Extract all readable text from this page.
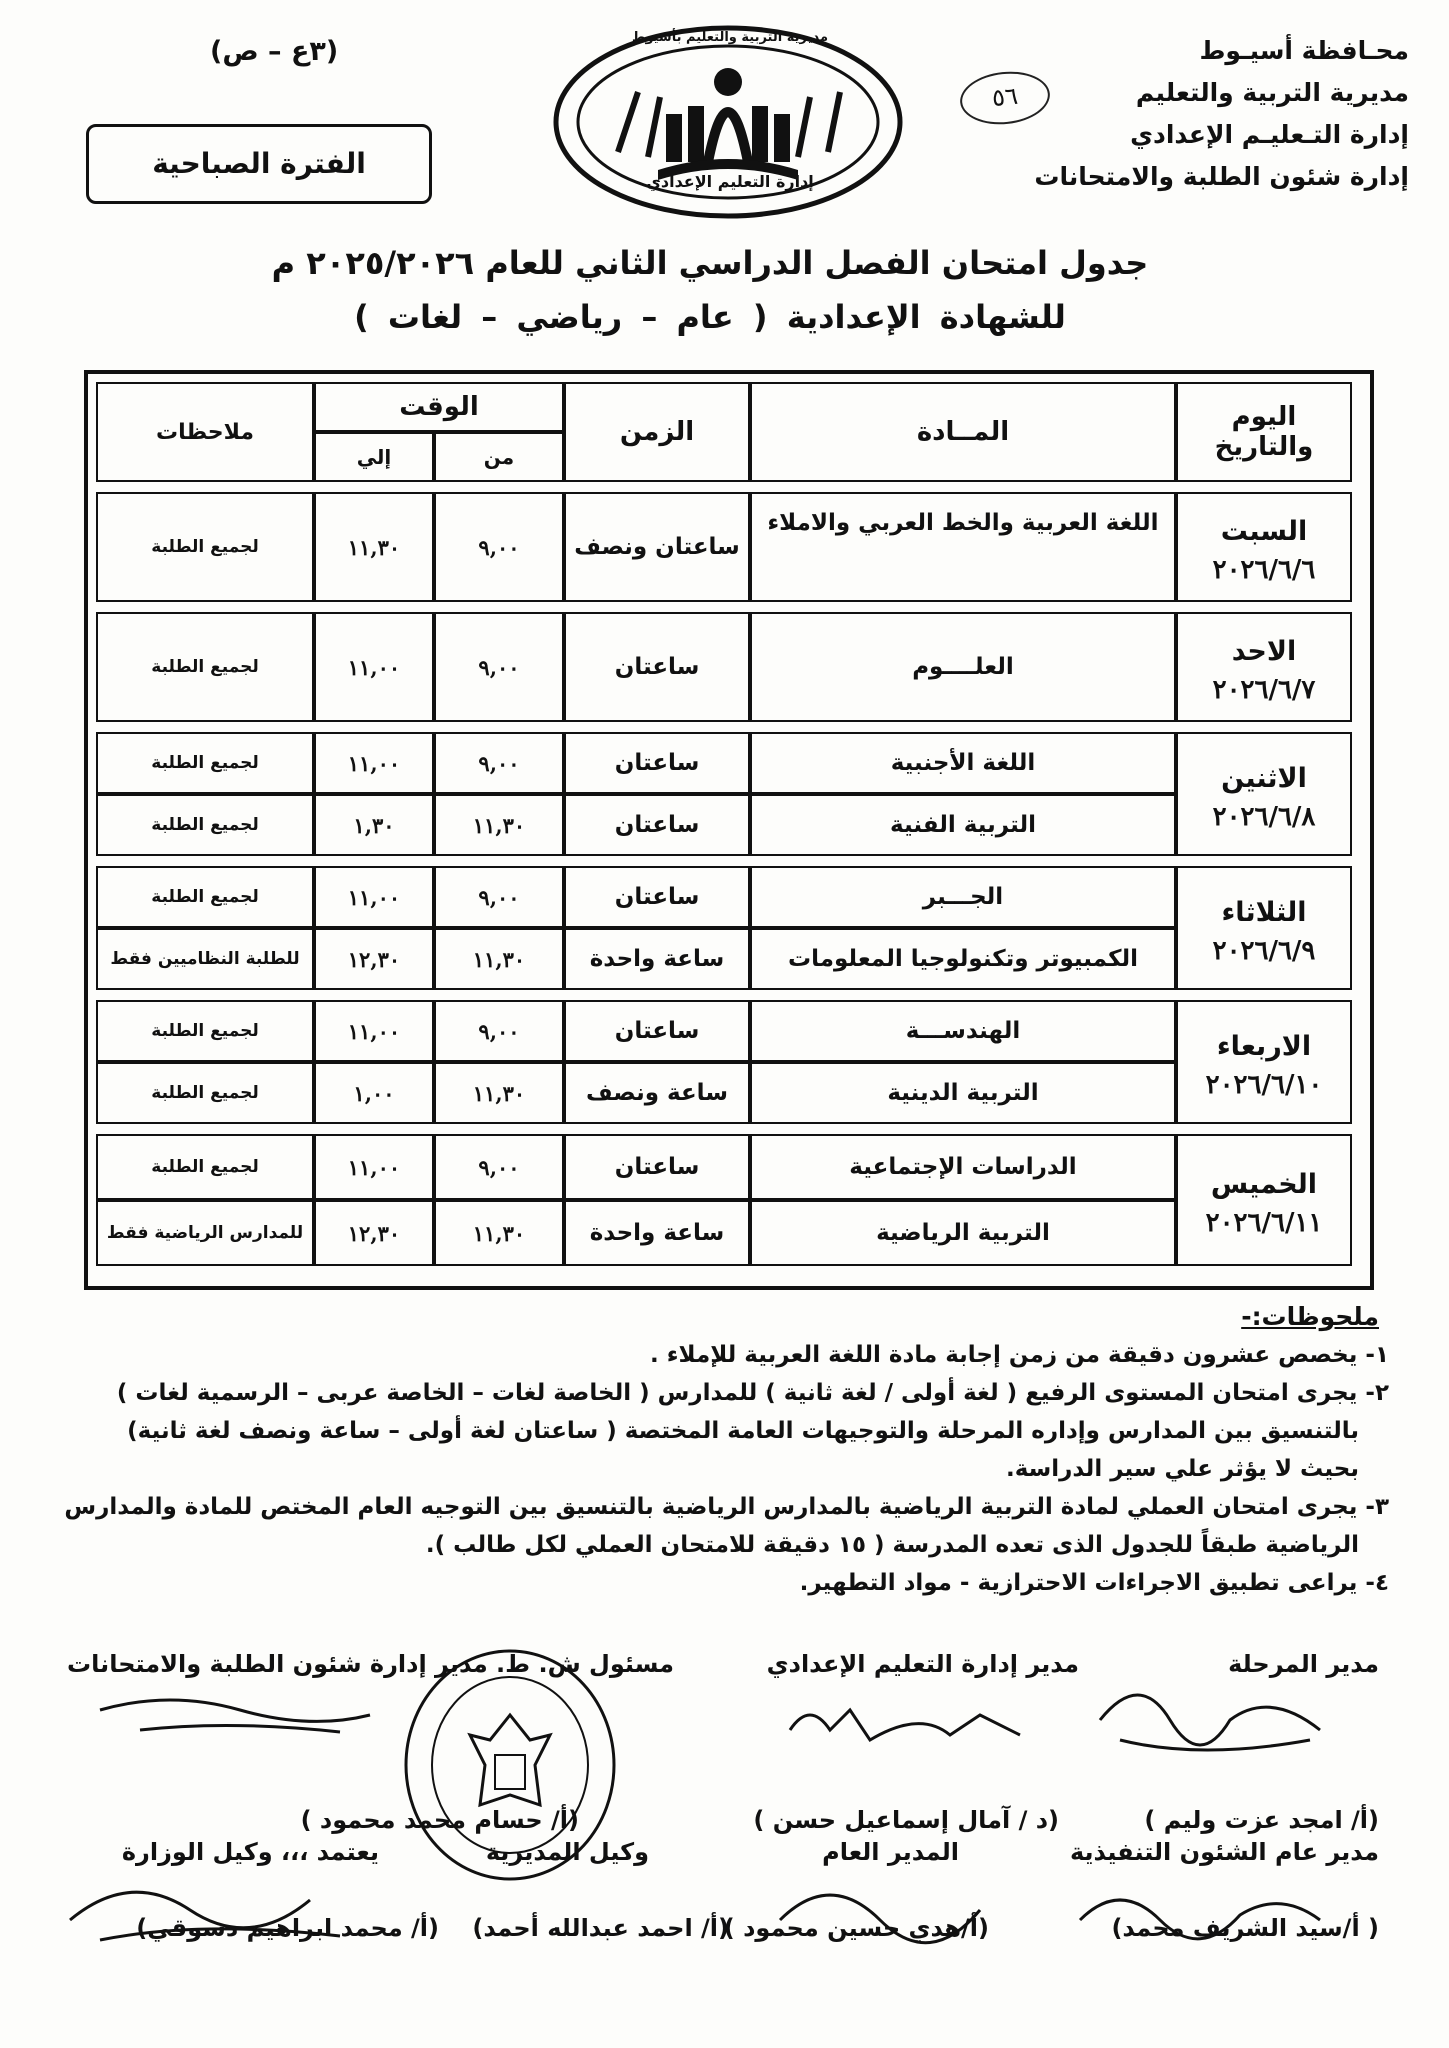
محـافظة أسيـوط
مديرية التربية والتعليم
إدارة التـعليـم الإعدادي
إدارة شئون الطلبة والامتحانات
٥٦
مديرية التربية والتعليم بأسيوط
إدارة التعليم الإعدادي
(٣ع – ص)
الفترة الصباحية
جدول امتحان الفصل الدراسي الثاني للعام ٢٠٢٥/٢٠٢٦ م
للشهادة الإعدادية ( عام – رياضي – لغات )
اليوم والتاريخ	المــادة	الزمن	الوقت		ملاحظات
			من	إلي	

السبت
٢٠٢٦/٦/٦	اللغة العربية والخط العربي والاملاء	ساعتان ونصف	٩,٠٠	١١,٣٠	لجميع الطلبة

الاحد
٢٠٢٦/٦/٧	العلــــوم	ساعتان	٩,٠٠	١١,٠٠	لجميع الطلبة

الاثنين
٢٠٢٦/٦/٨	اللغة الأجنبية	ساعتان	٩,٠٠	١١,٠٠	لجميع الطلبة
	التربية الفنية	ساعتان	١١,٣٠	١,٣٠	لجميع الطلبة

الثلاثاء
٢٠٢٦/٦/٩	الجـــبر	ساعتان	٩,٠٠	١١,٠٠	لجميع الطلبة
	الكمبيوتر وتكنولوجيا المعلومات	ساعة واحدة	١١,٣٠	١٢,٣٠	للطلبة النظاميين فقط

الاربعاء
٢٠٢٦/٦/١٠	الهندســـة	ساعتان	٩,٠٠	١١,٠٠	لجميع الطلبة
	التربية الدينية	ساعة ونصف	١١,٣٠	١,٠٠	لجميع الطلبة

الخميس
٢٠٢٦/٦/١١	الدراسات الإجتماعية	ساعتان	٩,٠٠	١١,٠٠	لجميع الطلبة
	التربية الرياضية	ساعة واحدة	١١,٣٠	١٢,٣٠	للمدارس الرياضية فقط
ملحوظات:-

١- يخصص عشرون دقيقة من زمن إجابة مادة اللغة العربية للإملاء .

٢- يجرى امتحان المستوى الرفيع ( لغة أولى / لغة ثانية ) للمدارس ( الخاصة لغات – الخاصة عربى – الرسمية لغات )

بالتنسيق بين المدارس وإداره المرحلة والتوجيهات العامة المختصة ( ساعتان لغة أولى – ساعة ونصف لغة ثانية)

بحيث لا يؤثر علي سير الدراسة.

٣- يجرى امتحان العملي لمادة التربية الرياضية بالمدارس الرياضية بالتنسيق بين التوجيه العام المختص للمادة والمدارس

الرياضية طبقاً للجدول الذى تعده المدرسة ( ١٥ دقيقة للامتحان العملي لكل طالب ).

٤- يراعى تطبيق الاجراءات الاحترازية - مواد التطهير.

مدير المرحلة
مدير إدارة التعليم الإعدادي
مسئول ش. ط. مدير إدارة شئون الطلبة والامتحانات
(أ/ امجد عزت وليم )
(د / آمال إسماعيل حسن )
(أ/ حسام محمد محمود )
مدير عام الشئون التنفيذية
المدير العام
وكيل المديرية
يعتمد ،،، وكيل الوزارة
( أ/سيد الشريف محمد)
(أ/هدي حسين محمود )
(أ/ احمد عبدالله أحمد)
(أ/ محمد ابراهيم دسوقي)
